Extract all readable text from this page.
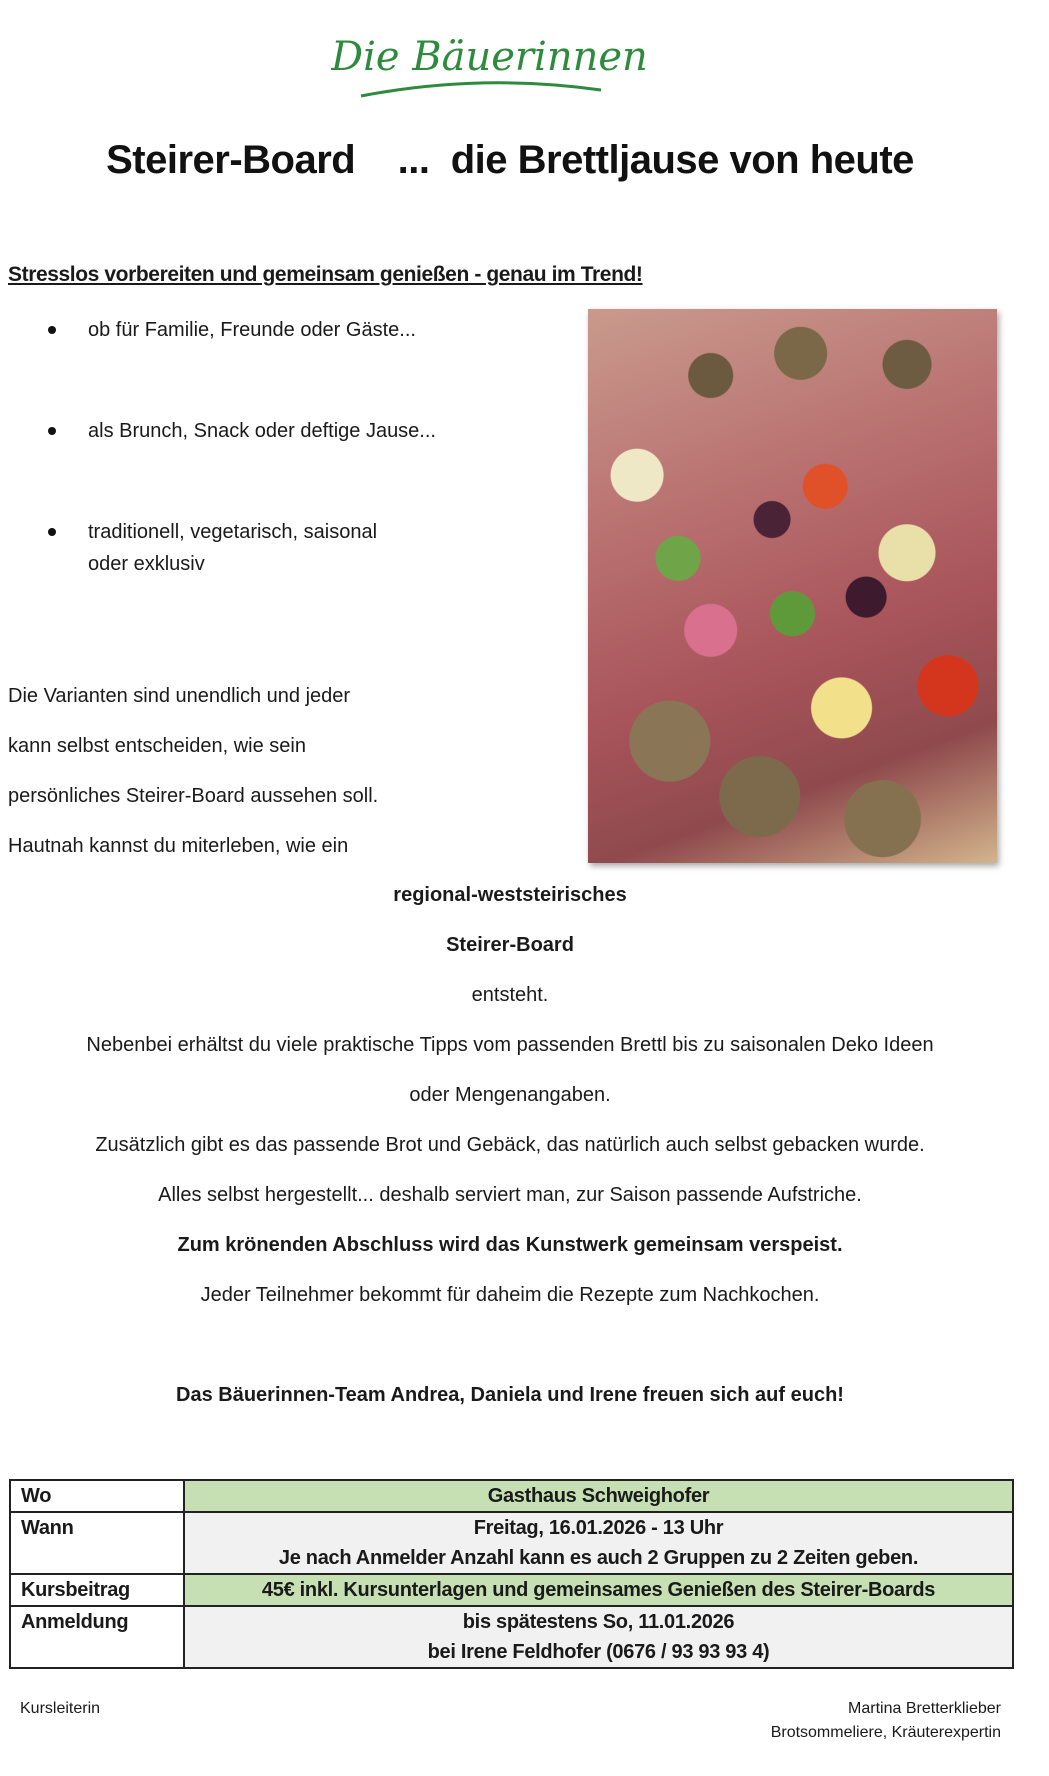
Die Bäuerinnen.
Steirer-Board    ...  die Brettljause von heute
Stresslos vorbereiten und gemeinsam genießen - genau im Trend!
ob für Familie, Freunde oder Gäste...
als Brunch, Snack oder deftige Jause...
traditionell, vegetarisch, saisonal
oder exklusiv
Die Varianten sind unendlich und jeder
kann selbst entscheiden, wie sein
persönliches Steirer-Board aussehen soll.
Hautnah kannst du miterleben, wie ein
regional-weststeirisches
Steirer-Board
entsteht.
Nebenbei erhältst du viele praktische Tipps vom passenden Brettl bis zu saisonalen Deko Ideen
oder Mengenangaben.
Zusätzlich gibt es das passende Brot und Gebäck, das natürlich auch selbst gebacken wurde.
Alles selbst hergestellt... deshalb serviert man, zur Saison passende Aufstriche.
Zum krönenden Abschluss wird das Kunstwerk gemeinsam verspeist.
Jeder Teilnehmer bekommt für daheim die Rezepte zum Nachkochen.
Das Bäuerinnen-Team Andrea, Daniela und Irene freuen sich auf euch!
Wo	Gasthaus Schweighofer
Wann	Freitag, 16.01.2026 - 13 Uhr
Je nach Anmelder Anzahl kann es auch 2 Gruppen zu 2 Zeiten geben.
Kursbeitrag	45€ inkl. Kursunterlagen und gemeinsames Genießen des Steirer-Boards
Anmeldung	bis spätestens So, 11.01.2026
bei Irene Feldhofer (0676 / 93 93 93 4)
Kursleiterin	Martina Bretterklieber
Brotsommeliere, Kräuterexpertin
